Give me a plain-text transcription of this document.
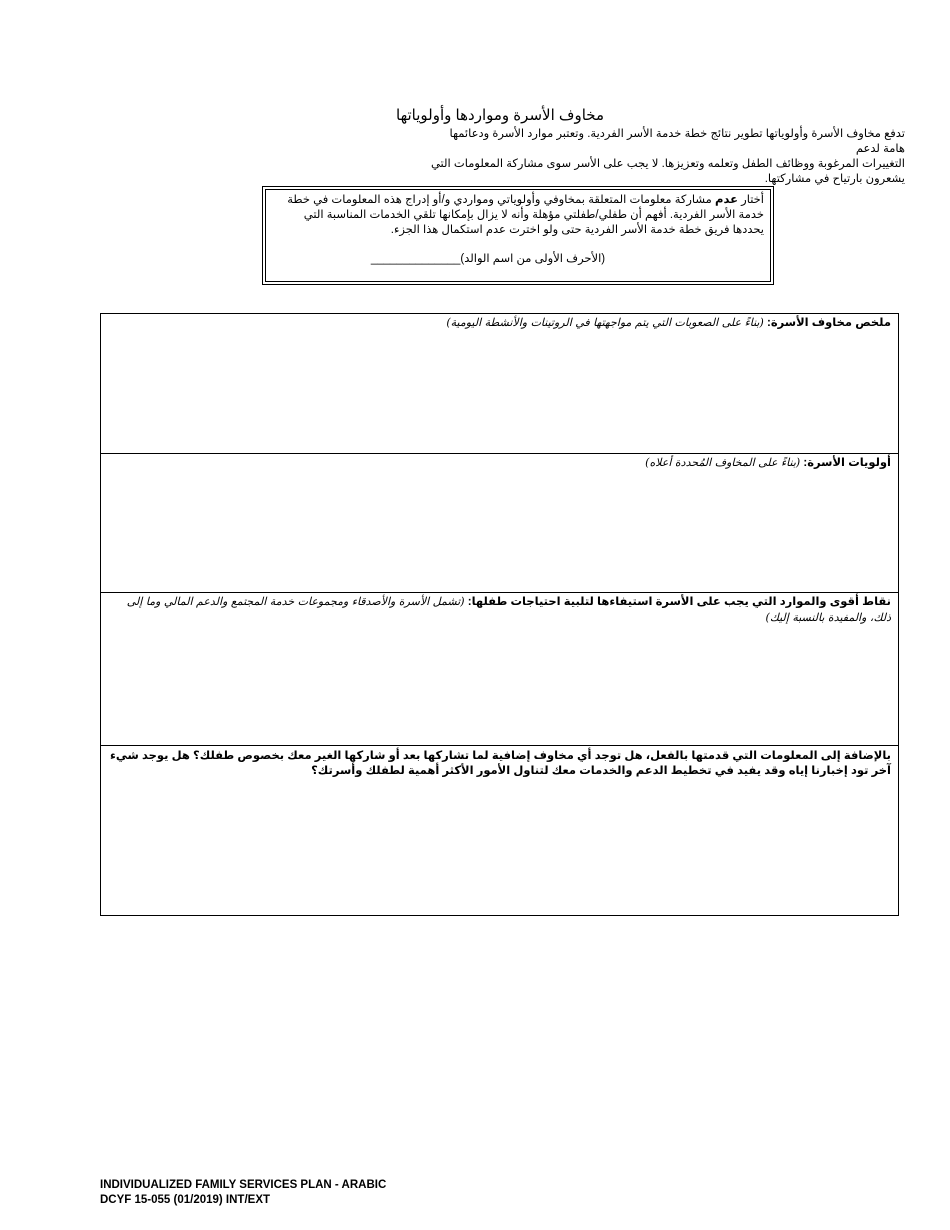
مخاوف الأسرة ومواردها وأولوياتها

تدفع مخاوف الأسرة وأولوياتها تطوير نتائج خطة خدمة الأسر الفردية. وتعتبر موارد الأسرة ودعائمها هامة لدعم

التغييرات المرغوبة ووظائف الطفل وتعلمه وتعزيزها. لا يجب على الأسر سوى مشاركة المعلومات التي

يشعرون بارتياح في مشاركتها.

أختار عدم مشاركة معلومات المتعلقة بمخاوفي وأولوياتي ومواردي و/أو إدراج هذه المعلومات في خطة خدمة الأسر الفردية. أفهم أن طفلي/طفلتي مؤهلة وأنه لا يزال بإمكانها تلقي الخدمات المناسبة التي يحددها فريق خطة خدمة الأسر الفردية حتى ولو اخترت عدم استكمال هذا الجزء.
(الأحرف الأولى من اسم الوالد)______________
ملخص مخاوف الأسرة: (بناءً على الصعوبات التي يتم مواجهتها في الروتينات والأنشطة اليومية)
أولويات الأسرة: (بناءً على المخاوف المُحددة أعلاه)
نقاط أقوى والموارد التي يجب على الأسرة استيفاءها لتلبية احتياجات طفلها: (تشمل الأسرة والأصدقاء ومجموعات خدمة المجتمع والدعم المالي وما إلى ذلك، والمفيدة بالنسبة إليك)
بالإضافة إلى المعلومات التي قدمتها بالفعل، هل توجد أي مخاوف إضافية لما تشاركها بعد أو شاركها الغير معك بخصوص طفلك؟ هل يوجد شيء آخر تود إخبارنا إياه وقد يفيد في تخطيط الدعم والخدمات معك لتناول الأمور الأكثر أهمية لطفلك وأسرتك؟
INDIVIDUALIZED FAMILY SERVICES PLAN - ARABIC
DCYF 15-055 (01/2019) INT/EXT
